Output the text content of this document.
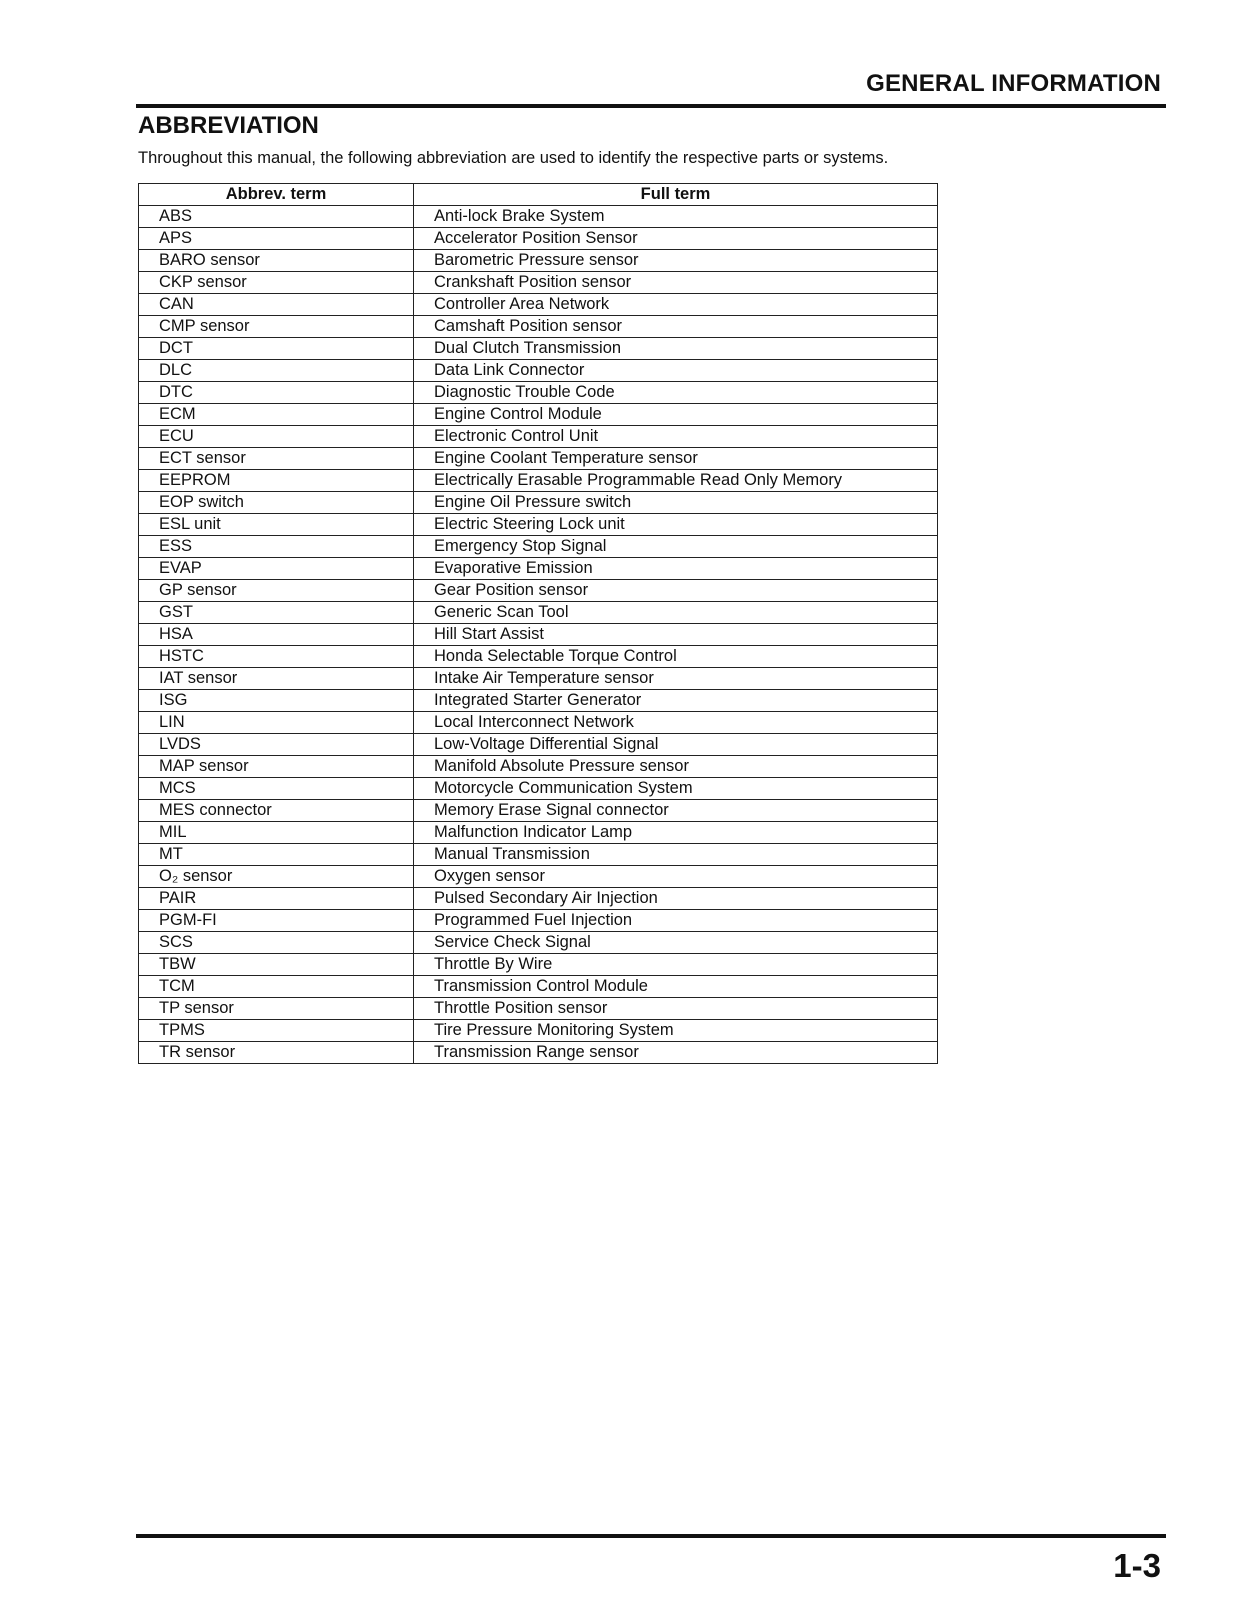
GENERAL INFORMATION
ABBREVIATION
Throughout this manual, the following abbreviation are used to identify the respective parts or systems.
Abbrev. term	Full term
ABS	Anti-lock Brake System
APS	Accelerator Position Sensor
BARO sensor	Barometric Pressure sensor
CKP sensor	Crankshaft Position sensor
CAN	Controller Area Network
CMP sensor	Camshaft Position sensor
DCT	Dual Clutch Transmission
DLC	Data Link Connector
DTC	Diagnostic Trouble Code
ECM	Engine Control Module
ECU	Electronic Control Unit
ECT sensor	Engine Coolant Temperature sensor
EEPROM	Electrically Erasable Programmable Read Only Memory
EOP switch	Engine Oil Pressure switch
ESL unit	Electric Steering Lock unit
ESS	Emergency Stop Signal
EVAP	Evaporative Emission
GP sensor	Gear Position sensor
GST	Generic Scan Tool
HSA	Hill Start Assist
HSTC	Honda Selectable Torque Control
IAT sensor	Intake Air Temperature sensor
ISG	Integrated Starter Generator
LIN	Local Interconnect Network
LVDS	Low-Voltage Differential Signal
MAP sensor	Manifold Absolute Pressure sensor
MCS	Motorcycle Communication System
MES connector	Memory Erase Signal connector
MIL	Malfunction Indicator Lamp
MT	Manual Transmission
O₂ sensor	Oxygen sensor
PAIR	Pulsed Secondary Air Injection
PGM-FI	Programmed Fuel Injection
SCS	Service Check Signal
TBW	Throttle By Wire
TCM	Transmission Control Module
TP sensor	Throttle Position sensor
TPMS	Tire Pressure Monitoring System
TR sensor	Transmission Range sensor
1-3
